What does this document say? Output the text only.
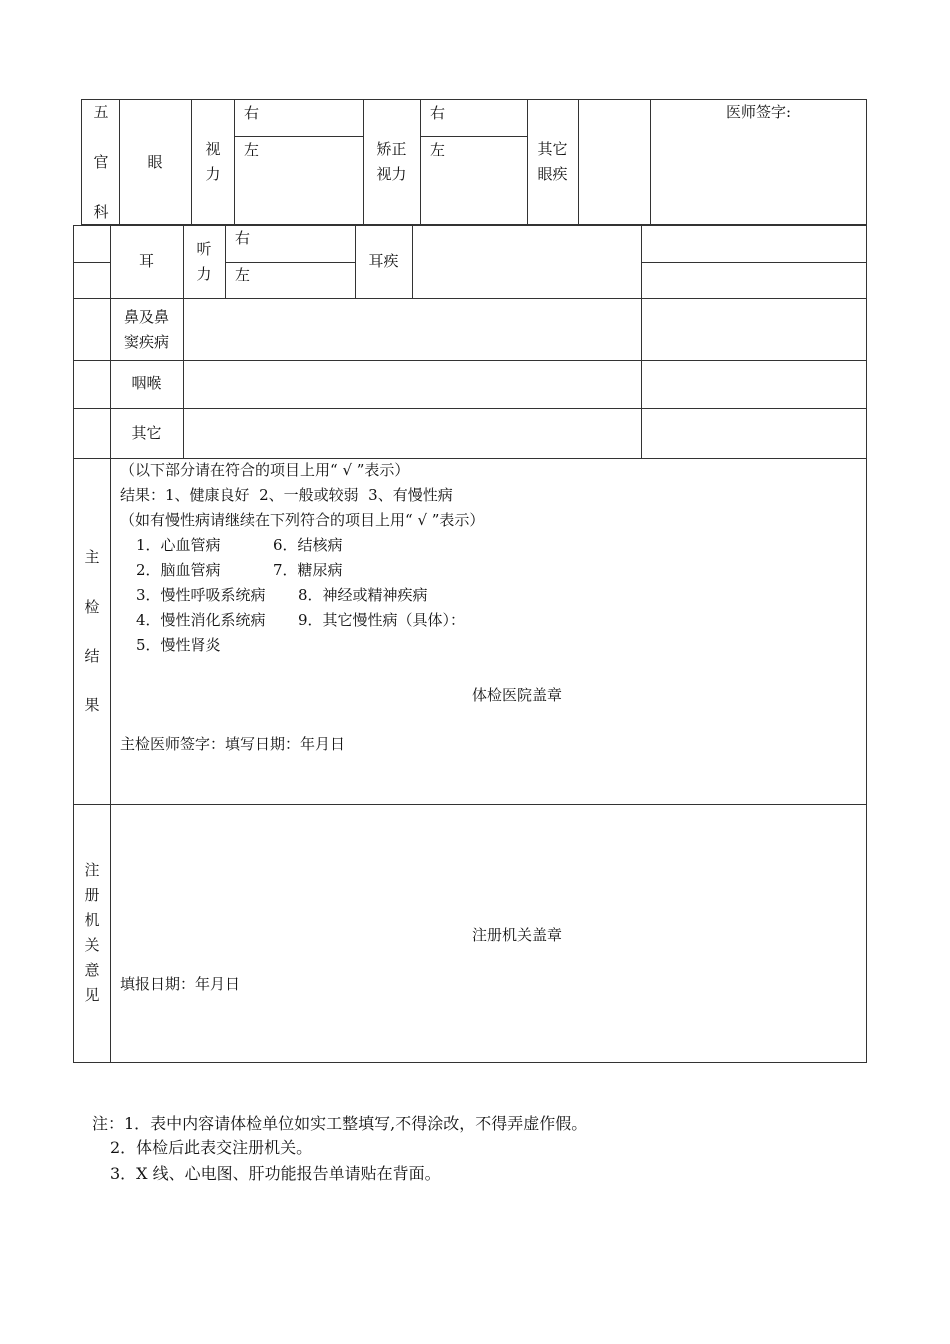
五
官
科
眼
视
力
右
左	矫正
视力
右
左	其它
眼疾
医师签字:
耳
听
力
右
左
耳疾
鼻及鼻
窦疾病
咽喉
其它
主
检
结
果
（以下部分请在符合的项目上用“ √ ”表示）
结果：1、健康良好  2、一般或较弱  3、有慢性病
（如有慢性病请继续在下列符合的项目上用“ √ ”表示）
1．心血管病
2．脑血管病
3．慢性呼吸系统病
4．慢性消化系统病
5．慢性肾炎
6．结核病
7．糖尿病
8．神经或精神疾病
9．其它慢性病（具体）：
体检医院盖章
主检医师签字：填写日期：年月日
注
册
机
关
意
见
注册机关盖章
填报日期：年月日
注：1．表中内容请体检单位如实工整填写,不得涂改，不得弄虚作假。
2．体检后此表交注册机关。
3．X 线、心电图、肝功能报告单请贴在背面。
